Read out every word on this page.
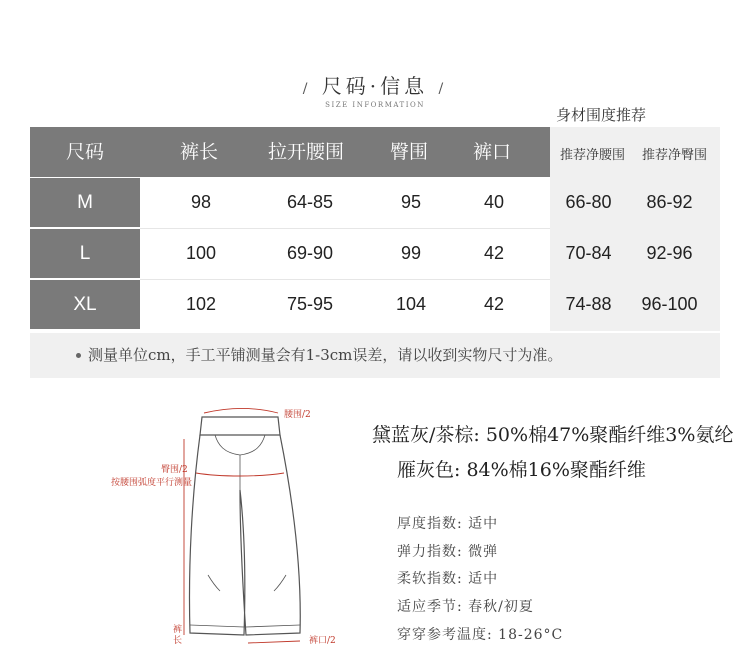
/ 尺码·信息 /
SIZE INFORMATION
身材围度推荐
尺码	裤长	拉开腰围 臀围 裤口	推荐净腰围 推荐净臀围
M	98	64-85	95	40	66-80	86-92
L	100	69-90	99	42	70-84	92-96
XL	102	75-95	104	42	74-88	96-100
测量单位cm，手工平铺测量会有1-3cm误差，请以收到实物尺寸为准。
腰围/2
臀围/2
按腰围弧度平行测量
裤长	裤口/2
黛蓝灰/茶棕: 50%棉47%聚酯纤维3%氨纶
雁灰色: 84%棉16%聚酯纤维
厚度指数: 适中
弹力指数: 微弹
柔软指数: 适中
适应季节: 春秋/初夏
穿穿参考温度: 18-26°C
